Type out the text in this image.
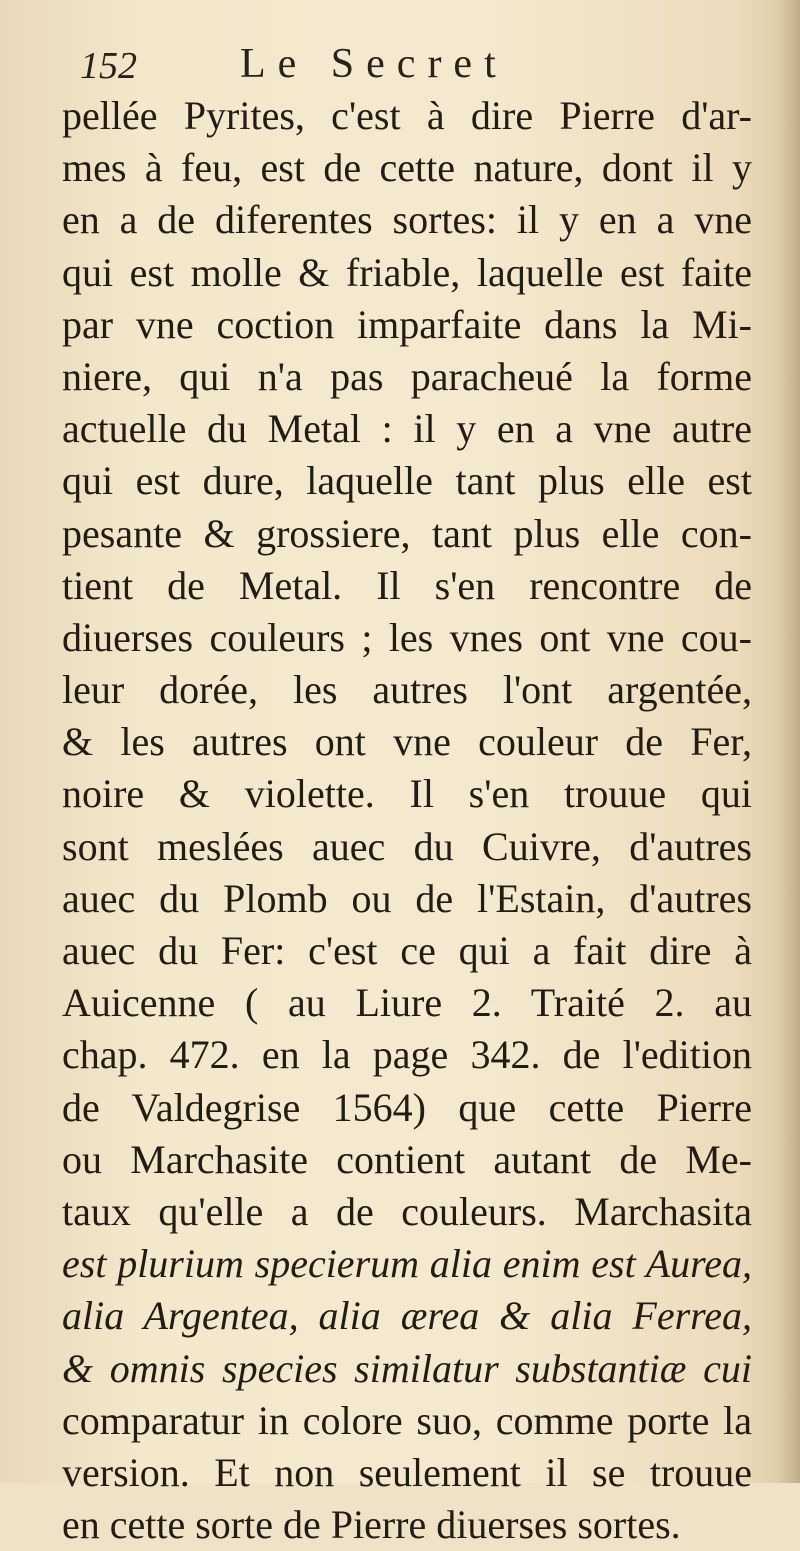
152 Le Secret
pellée Pyrites, c'est à dire Pierre d'ar-
mes à feu, est de cette nature, dont il y
en a de diferentes sortes: il y en a vne
qui est molle & friable, laquelle est faite
par vne coction imparfaite dans la Mi-
niere, qui n'a pas paracheué la forme
actuelle du Metal : il y en a vne autre
qui est dure, laquelle tant plus elle est
pesante & grossiere, tant plus elle con-
tient de Metal. Il s'en rencontre de
diuerses couleurs ; les vnes ont vne cou-
leur dorée, les autres l'ont argentée,
& les autres ont vne couleur de Fer,
noire & violette. Il s'en trouue qui
sont meslées auec du Cuivre, d'autres
auec du Plomb ou de l'Estain, d'autres
auec du Fer: c'est ce qui a fait dire à
Auicenne ( au Liure 2. Traité 2. au
chap. 472. en la page 342. de l'edition
de Valdegrise 1564) que cette Pierre
ou Marchasite contient autant de Me-
taux qu'elle a de couleurs. Marchasita
est plurium specierum alia enim est Aurea,
alia Argentea, alia ærea & alia Ferrea,
& omnis species similatur substantiæ cui
comparatur in colore suo, comme porte la
version. Et non seulement il se trouue
en cette sorte de Pierre diuerses sortes.
